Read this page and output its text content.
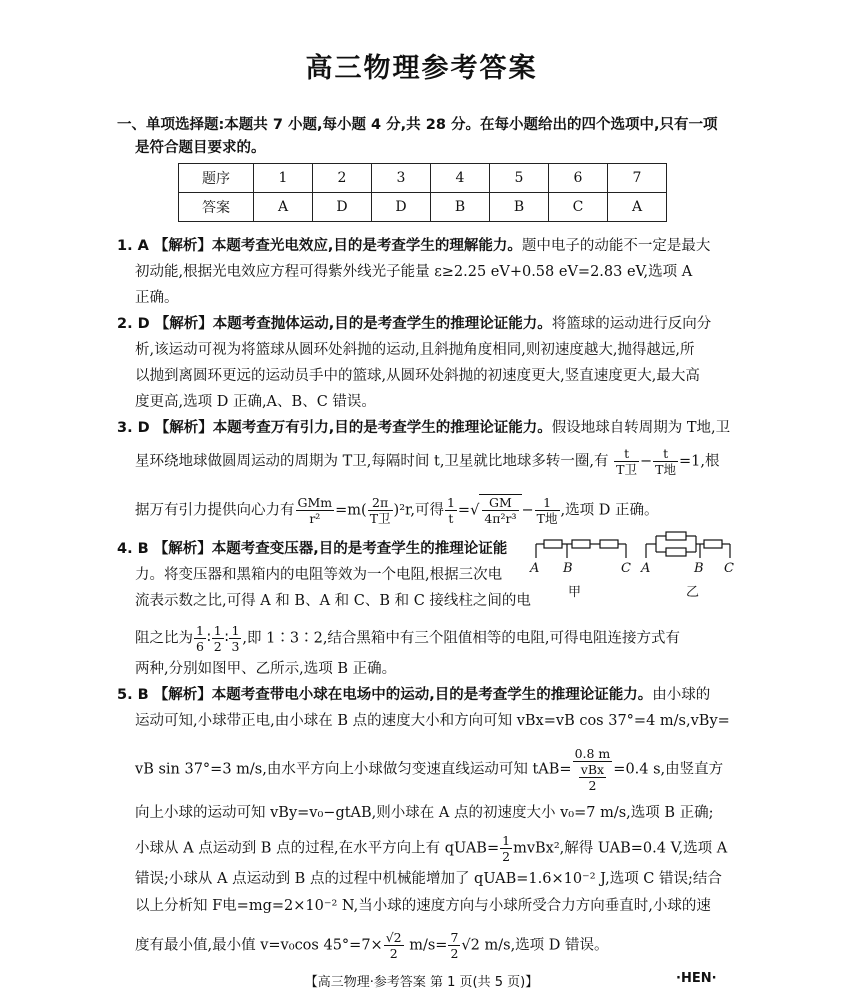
高三物理参考答案
一、单项选择题:本题共 7 小题,每小题 4 分,共 28 分。在每小题给出的四个选项中,只有一项
是符合题目要求的。
题序	1	2	3	4	5	6	7
答案	A	D	D	B	B	C	A
1. A 【解析】本题考查光电效应,目的是考查学生的理解能力。题中电子的动能不一定是最大
初动能,根据光电效应方程可得紫外线光子能量 ε≥2.25 eV+0.58 eV=2.83 eV,选项 A
正确。
2. D 【解析】本题考查抛体运动,目的是考查学生的推理论证能力。将篮球的运动进行反向分
析,该运动可视为将篮球从圆环处斜抛的运动,且斜抛角度相同,则初速度越大,抛得越远,所
以抛到离圆环更远的运动员手中的篮球,从圆环处斜抛的初速度更大,竖直速度更大,最大高
度更高,选项 D 正确,A、B、C 错误。
3. D 【解析】本题考查万有引力,目的是考查学生的推理论证能力。假设地球自转周期为 T地,卫
星环绕地球做圆周运动的周期为 T卫,每隔时间 t,卫星就比地球多转一圈,有 $\frac{t}{\text{T卫}} - \frac{t}{\text{T地}} =1$,根
据万有引力提供向心力有 $\frac{\text{GMm}}{\text{r²}} =m( \frac{2\pi}{\text{T卫}} )^2r$,可得 $\frac{1}{t}$ =√ $\frac{GM}{\text{4π²r³}} - \frac{1}{\text{T地}}$ ,选项 D 正确。
4. B 【解析】本题考查变压器,目的是考查学生的推理论证能
力。将变压器和黑箱内的电阻等效为一个电阻,根据三次电
流表示数之比,可得 A 和 B、A 和 C、B 和 C 接线柱之间的电
阻之比为 $\frac{1}{6}$ ∶ $\frac{1}{2}$ ∶ $\frac{1}{3}$ ,即 1∶3∶2,结合黑箱中有三个阻值相等的电阻,可得电阻连接方式有
两种,分别如图甲、乙所示,选项 B 正确。
A B	C A	B C
甲	乙
5. B 【解析】本题考查带电小球在电场中的运动,目的是考查学生的推理论证能力。由小球的
运动可知,小球带正电,由小球在 B 点的速度大小和方向可知 vBx=vB cos 37°=4 m/s,vBy=
vB sin 37°=3 m/s,由水平方向上小球做匀变速直线运动可知 $tAB= \frac{0.8 m}{\frac{\text{vBx}}{2}} =0.4$ s,由竖直方
向上小球的运动可知 vBy=v₀−gtAB,则小球在 A 点的初速度大小 v₀=7 m/s,选项 B 正确;
小球从 A 点运动到 B 点的过程,在水平方向上有 qUAB= $\frac{1}{2}$ mvBx²,解得 UAB=0.4 V,选项 A
错误;小球从 A 点运动到 B 点的过程中机械能增加了 qUAB=1.6×10⁻² J,选项 C 错误;结合
以上分析知 F电=mg=2×10⁻² N,当小球的速度方向与小球所受合力方向垂直时,小球的速
度有最小值,最小值 v=v₀cos $45^\circ=7\times \frac{√2}{2} m/s= \frac{7}{2} √2$ m/s,选项 D 错误。
【高三物理·参考答案 第 1 页(共 5 页)】	·HEN·
